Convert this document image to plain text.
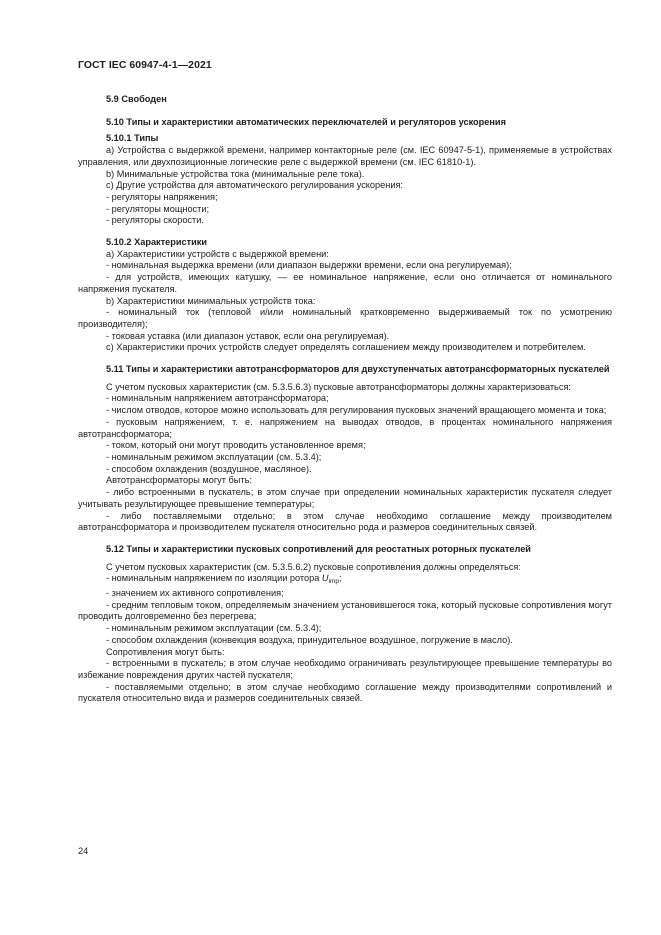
ГОСТ IEC 60947-4-1—2021

5.9 Свободен

5.10 Типы и характеристики автоматических переключателей и регуляторов ускорения

5.10.1 Типы

a) Устройства с выдержкой времени, например контакторные реле (см. IEC 60947-5-1), применяемые в устройствах управления, или двухпозиционные логические реле с выдержкой времени (см. IEC 61810-1).

b) Минимальные устройства тока (минимальные реле тока).

c) Другие устройства для автоматического регулирования ускорения:

- регуляторы напряжения;

- регуляторы мощности;

- регуляторы скорости.

5.10.2 Характеристики

a) Характеристики устройств с выдержкой времени:

- номинальная выдержка времени (или диапазон выдержки времени, если она регулируемая);

- для устройств, имеющих катушку, — ее номинальное напряжение, если оно отличается от номинального напряжения пускателя.

b) Характеристики минимальных устройств тока:

- номинальный ток (тепловой и/или номинальный кратковременно выдерживаемый ток по усмотрению производителя);

- токовая уставка (или диапазон уставок, если она регулируемая).

c) Характеристики прочих устройств следует определять соглашением между производителем и потребителем.

5.11 Типы и характеристики автотрансформаторов для двухступенчатых автотрансформаторных пускателей

С учетом пусковых характеристик (см. 5.3.5.6.3) пусковые автотрансформаторы должны характеризоваться:

- номинальным напряжением автотрансформатора;

- числом отводов, которое можно использовать для регулирования пусковых значений вращающего момента и тока;

- пусковым напряжением, т. е. напряжением на выводах отводов, в процентах номинального напряжения автотрансформатора;

- током, который они могут проводить установленное время;

- номинальным режимом эксплуатации (см. 5.3.4);

- способом охлаждения (воздушное, масляное).

Автотрансформаторы могут быть:

- либо встроенными в пускатель; в этом случае при определении номинальных характеристик пускателя следует учитывать результирующее превышение температуры;

- либо поставляемыми отдельно; в этом случае необходимо соглашение между производителем автотрансформатора и производителем пускателя относительно рода и размеров соединительных связей.

5.12 Типы и характеристики пусковых сопротивлений для реостатных роторных пускателей

С учетом пусковых характеристик (см. 5.3.5.6.2) пусковые сопротивления должны определяться:

- номинальным напряжением по изоляции ротора $U_{imp}$;

- значением их активного сопротивления;

- средним тепловым током, определяемым значением установившегося тока, который пусковые сопротивления могут проводить долговременно без перегрева;

- номинальным режимом эксплуатации (см. 5.3.4);

- способом охлаждения (конвекция воздуха, принудительное воздушное, погружение в масло).

Сопротивления могут быть:

- встроенными в пускатель; в этом случае необходимо ограничивать результирующее превышение температуры во избежание повреждения других частей пускателя;

- поставляемыми отдельно; в этом случае необходимо соглашение между производителями сопротивлений и пускателя относительно вида и размеров соединительных связей.

24
